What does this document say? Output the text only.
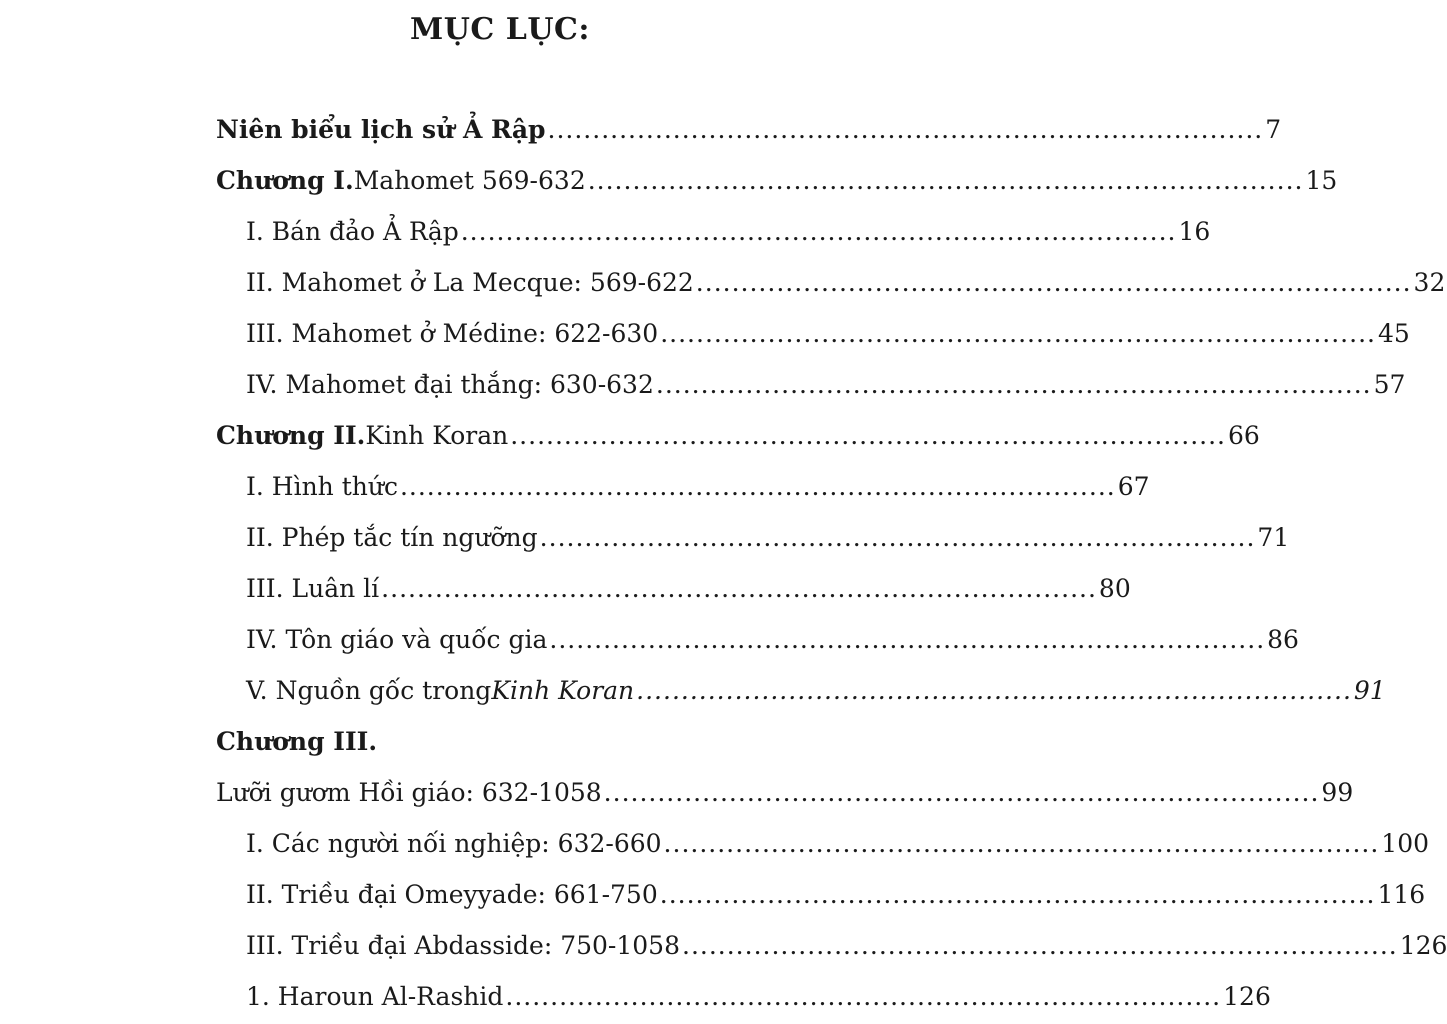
MỤC LỤC:
Niên biểu lịch sử Ả Rập ................................................................................ 7
Chương I. Mahomet 569-632 ................................................................................ 15
I. Bán đảo Ả Rập ................................................................................ 16
II. Mahomet ở La Mecque: 569-622 ................................................................................ 32
III. Mahomet ở Médine: 622-630 ................................................................................ 45
IV. Mahomet đại thắng: 630-632 ................................................................................ 57
Chương II. Kinh Koran ................................................................................ 66
I. Hình thức ................................................................................ 67
II. Phép tắc tín ngưỡng ................................................................................ 71
III. Luân lí ................................................................................ 80
IV. Tôn giáo và quốc gia ................................................................................ 86
V. Nguồn gốc trong Kinh Koran ................................................................................ 91
Chương III.
Lưỡi gươm Hồi giáo: 632-1058 ................................................................................ 99
I. Các người nối nghiệp: 632-660 ................................................................................ 100
II. Triều đại Omeyyade: 661-750 ................................................................................ 116
III. Triều đại Abdasside: 750-1058 ................................................................................ 126
1. Haroun Al-Rashid ................................................................................ 126
